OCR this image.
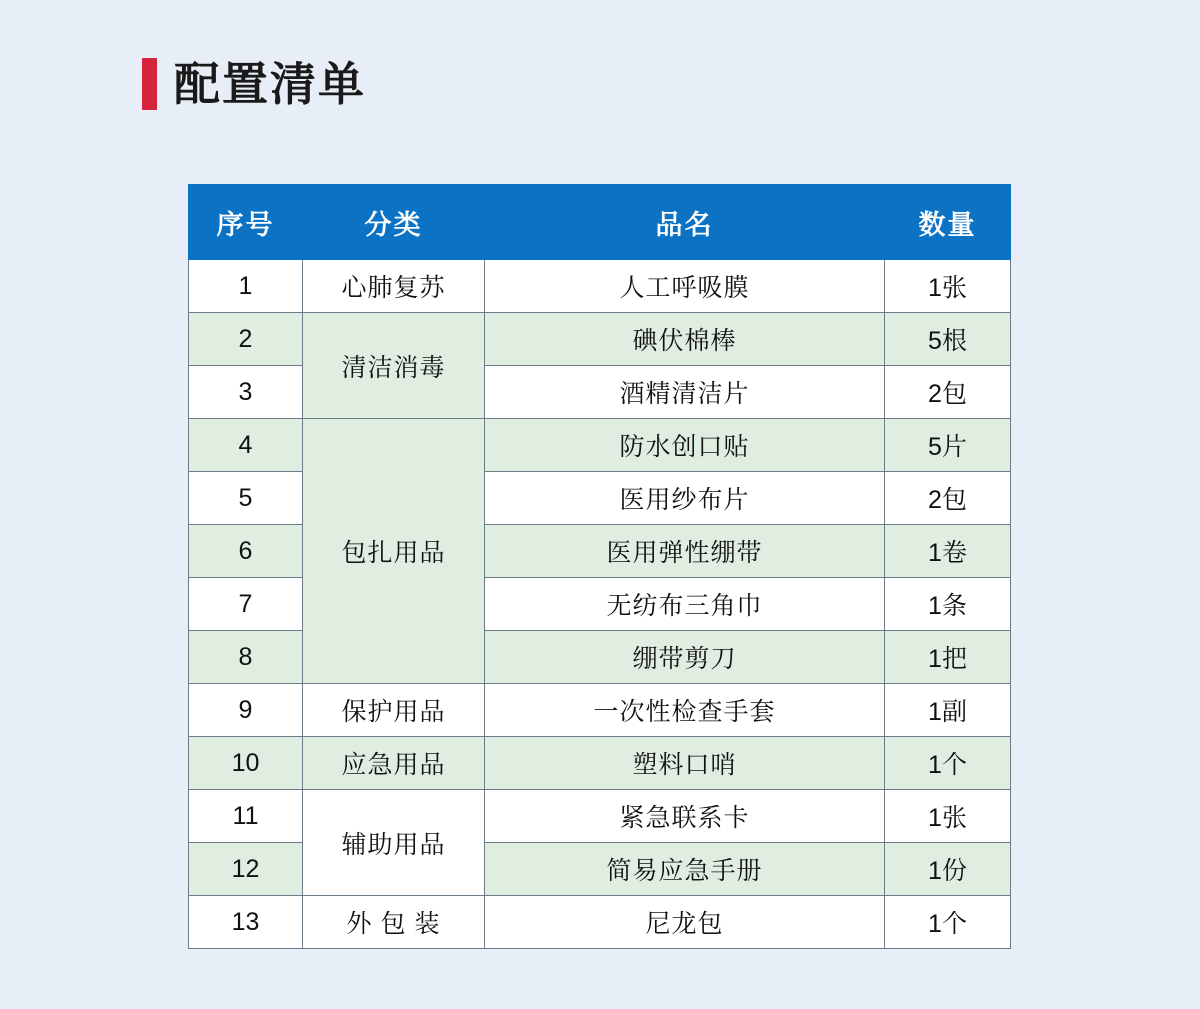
配置清单
序号	分类	品名	数量
1	心肺复苏	人工呼吸膜	1张
2	清洁消毒	碘伏棉棒	5根
3		酒精清洁片	2包
4	包扎用品	防水创口贴	5片
5		医用纱布片	2包
6		医用弹性绷带	1卷
7		无纺布三角巾	1条
8		绷带剪刀	1把
9	保护用品	一次性检查手套	1副
10	应急用品	塑料口哨	1个
11	辅助用品	紧急联系卡	1张
12		简易应急手册	1份
13	外 包 装	尼龙包	1个
